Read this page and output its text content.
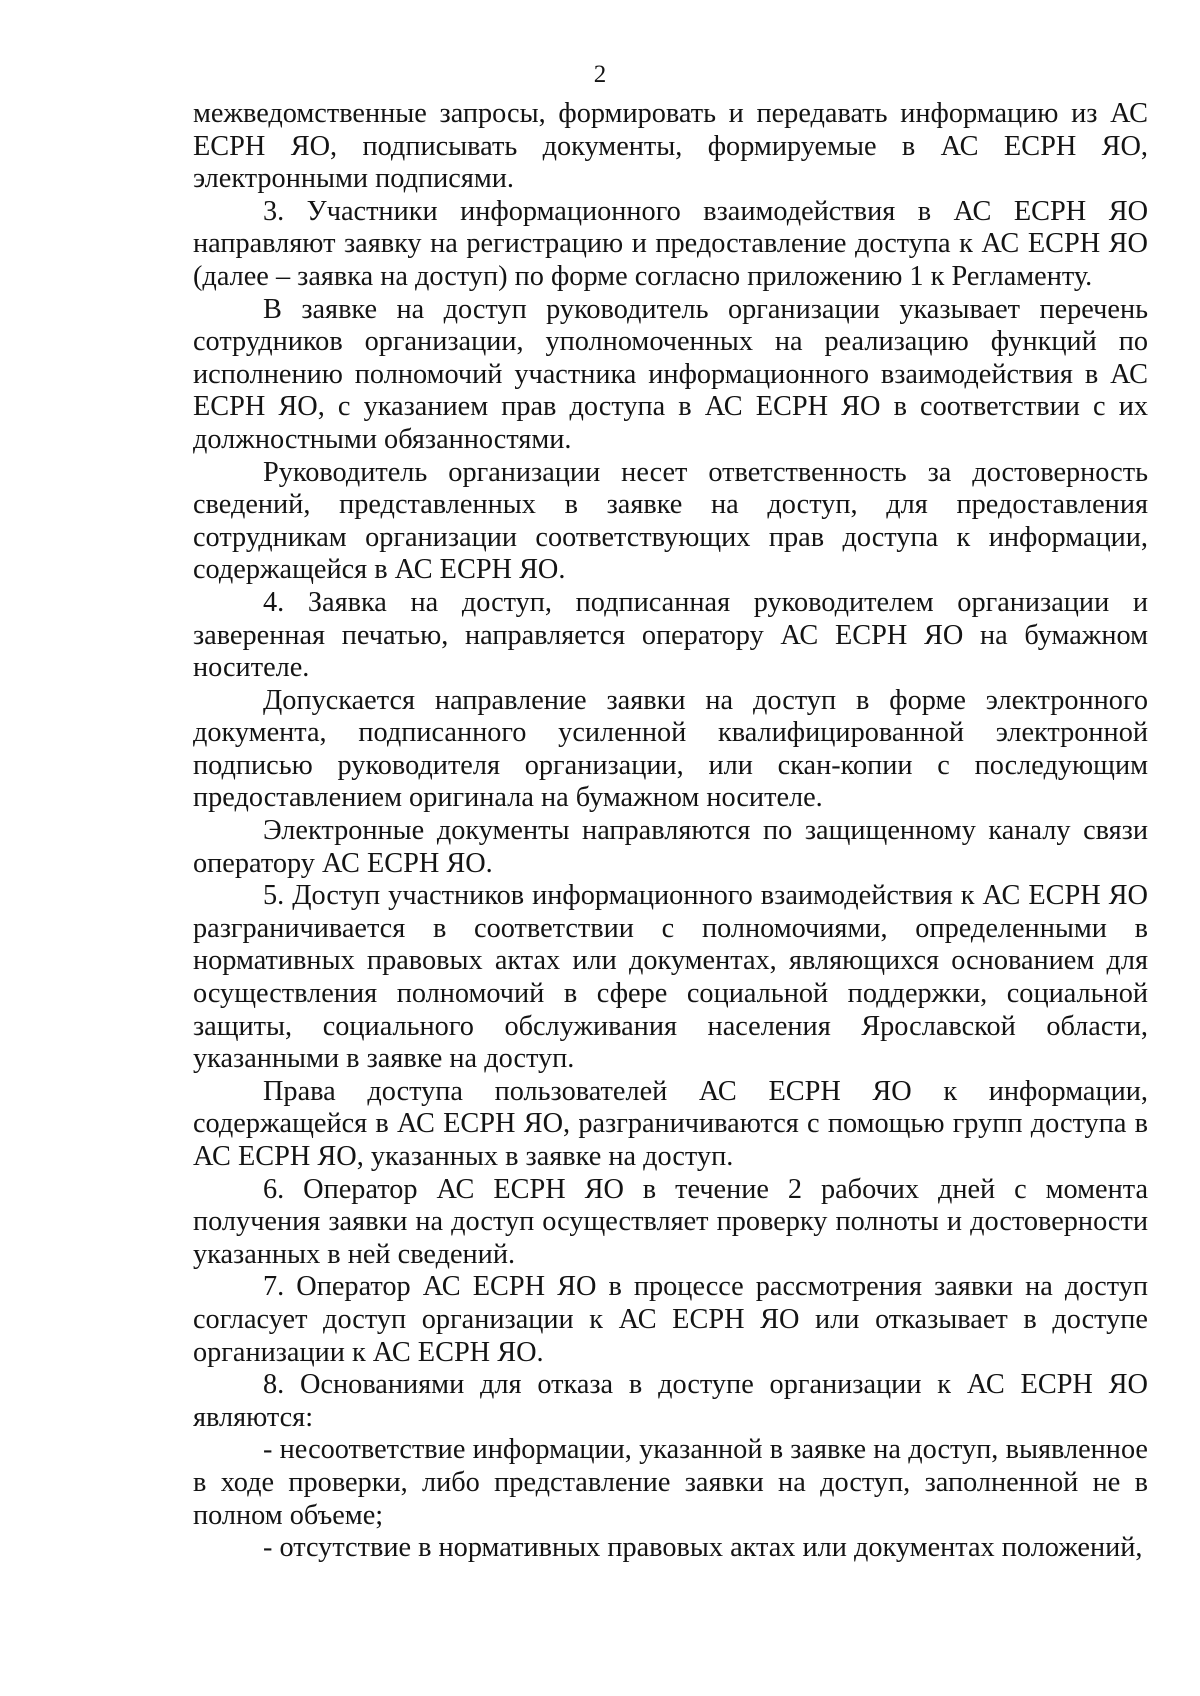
2

межведомственные запросы, формировать и передавать информацию из АС ЕСРН ЯО, подписывать документы, формируемые в АС ЕСРН ЯО, электронными подписями.

3. Участники информационного взаимодействия в АС ЕСРН ЯО направляют заявку на регистрацию и предоставление доступа к АС ЕСРН ЯО (далее – заявка на доступ) по форме согласно приложению 1 к Регламенту.

В заявке на доступ руководитель организации указывает перечень сотрудников организации, уполномоченных на реализацию функций по исполнению полномочий участника информационного взаимодействия в АС ЕСРН ЯО, с указанием прав доступа в АС ЕСРН ЯО в соответствии с их должностными обязанностями.

Руководитель организации несет ответственность за достоверность сведений, представленных в заявке на доступ, для предоставления сотрудникам организации соответствующих прав доступа к информации, содержащейся в АС ЕСРН ЯО.

4. Заявка на доступ, подписанная руководителем организации и заверенная печатью, направляется оператору АС ЕСРН ЯО на бумажном носителе.

Допускается направление заявки на доступ в форме электронного документа, подписанного усиленной квалифицированной электронной подписью руководителя организации, или скан-копии с последующим предоставлением оригинала на бумажном носителе.

Электронные документы направляются по защищенному каналу связи оператору АС ЕСРН ЯО.

5. Доступ участников информационного взаимодействия к АС ЕСРН ЯО разграничивается в соответствии с полномочиями, определенными в нормативных правовых актах или документах, являющихся основанием для осуществления полномочий в сфере социальной поддержки, социальной защиты, социального обслуживания населения Ярославской области, указанными в заявке на доступ.

Права доступа пользователей АС ЕСРН ЯО к информации, содержащейся в АС ЕСРН ЯО, разграничиваются с помощью групп доступа в АС ЕСРН ЯО, указанных в заявке на доступ.

6. Оператор АС ЕСРН ЯО в течение 2 рабочих дней с момента получения заявки на доступ осуществляет проверку полноты и достоверности указанных в ней сведений.

7. Оператор АС ЕСРН ЯО в процессе рассмотрения заявки на доступ согласует доступ организации к АС ЕСРН ЯО или отказывает в доступе организации к АС ЕСРН ЯО.

8. Основаниями для отказа в доступе организации к АС ЕСРН ЯО являются:

- несоответствие информации, указанной в заявке на доступ, выявленное в ходе проверки, либо представление заявки на доступ, заполненной не в полном объеме;

- отсутствие в нормативных правовых актах или документах положений,
